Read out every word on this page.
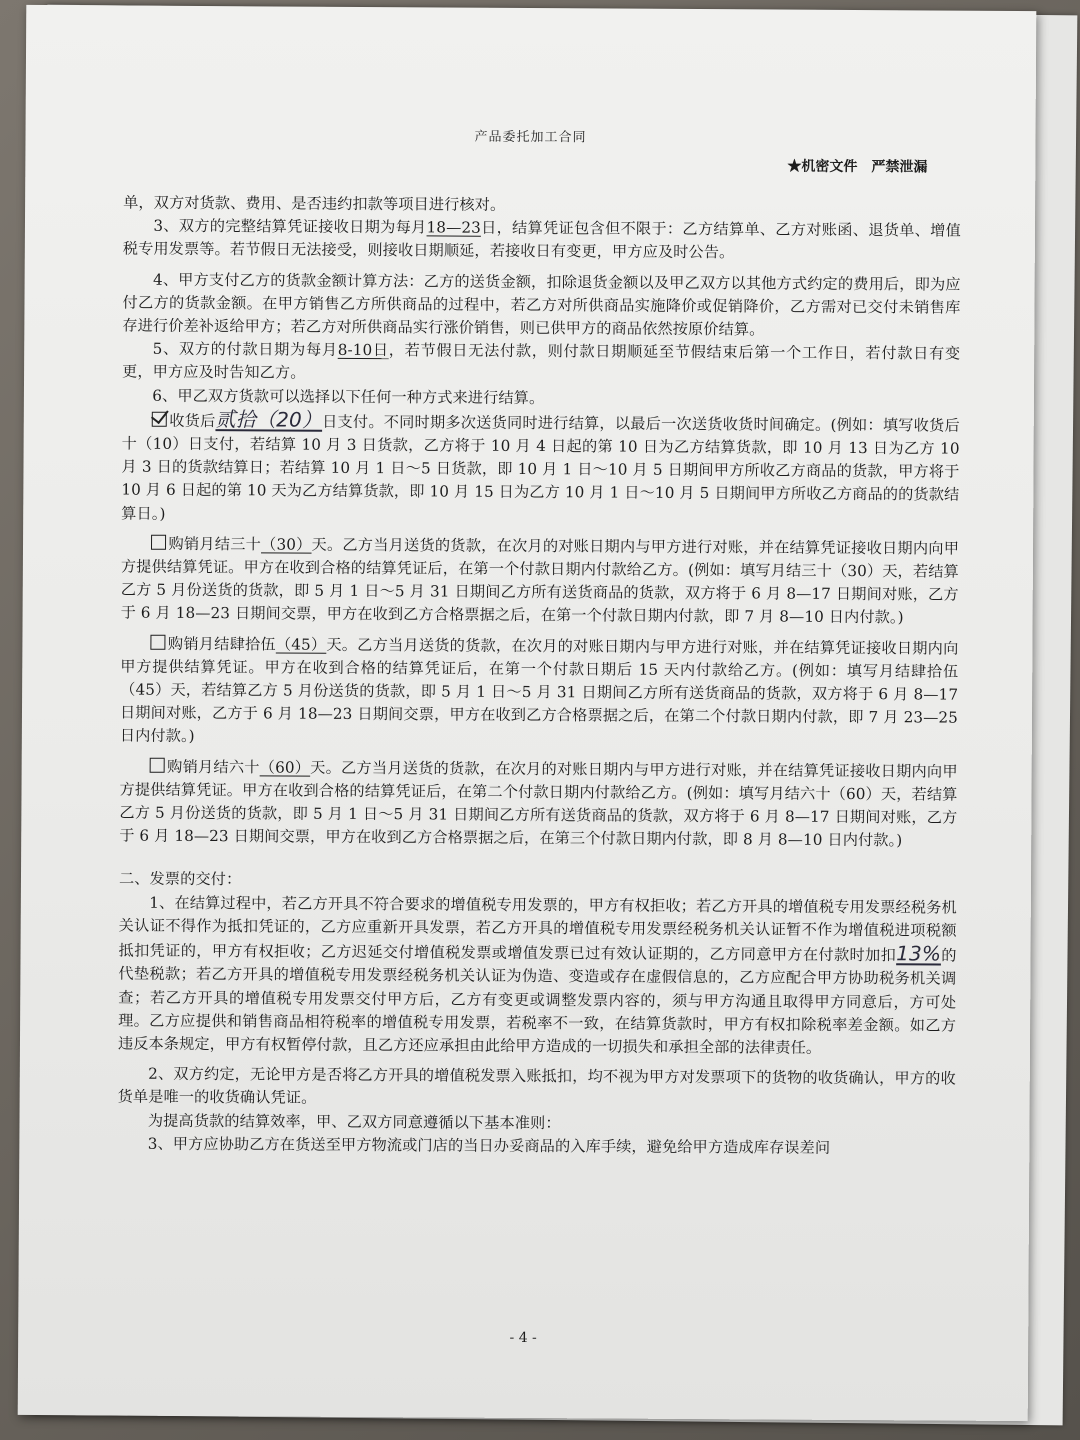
产品委托加工合同
★机密文件　严禁泄漏

单，双方对货款、费用、是否违约扣款等项目进行核对。

3、双方的完整结算凭证接收日期为每月18—23日，结算凭证包含但不限于：乙方结算单、乙方对账函、退货单、增值税专用发票等。若节假日无法接受，则接收日期顺延，若接收日有变更，甲方应及时公告。

4、甲方支付乙方的货款金额计算方法：乙方的送货金额，扣除退货金额以及甲乙双方以其他方式约定的费用后，即为应付乙方的货款金额。在甲方销售乙方所供商品的过程中，若乙方对所供商品实施降价或促销降价，乙方需对已交付未销售库存进行价差补返给甲方；若乙方对所供商品实行涨价销售，则已供甲方的商品依然按原价结算。

5、双方的付款日期为每月8-10日，若节假日无法付款，则付款日期顺延至节假结束后第一个工作日，若付款日有变更，甲方应及时告知乙方。

6、甲乙双方货款可以选择以下任何一种方式来进行结算。

收货后贰拾（20）日支付。不同时期多次送货同时进行结算，以最后一次送货收货时间确定。(例如：填写收货后十（10）日支付，若结算 10 月 3 日货款，乙方将于 10 月 4 日起的第 10 日为乙方结算货款，即 10 月 13 日为乙方 10 月 3 日的货款结算日；若结算 10 月 1 日～5 日货款，即 10 月 1 日～10 月 5 日期间甲方所收乙方商品的货款，甲方将于 10 月 6 日起的第 10 天为乙方结算货款，即 10 月 15 日为乙方 10 月 1 日～10 月 5 日期间甲方所收乙方商品的的货款结算日。)

购销月结三十（30）天。乙方当月送货的货款，在次月的对账日期内与甲方进行对账，并在结算凭证接收日期内向甲方提供结算凭证。甲方在收到合格的结算凭证后，在第一个付款日期内付款给乙方。(例如：填写月结三十（30）天，若结算乙方 5 月份送货的货款，即 5 月 1 日～5 月 31 日期间乙方所有送货商品的货款，双方将于 6 月 8—17 日期间对账，乙方于 6 月 18—23 日期间交票，甲方在收到乙方合格票据之后，在第一个付款日期内付款，即 7 月 8—10 日内付款。)

购销月结肆拾伍（45）天。乙方当月送货的货款，在次月的对账日期内与甲方进行对账，并在结算凭证接收日期内向甲方提供结算凭证。甲方在收到合格的结算凭证后，在第一个付款日期后 15 天内付款给乙方。(例如：填写月结肆拾伍（45）天，若结算乙方 5 月份送货的货款，即 5 月 1 日～5 月 31 日期间乙方所有送货商品的货款，双方将于 6 月 8—17 日期间对账，乙方于 6 月 18—23 日期间交票，甲方在收到乙方合格票据之后，在第二个付款日期内付款，即 7 月 23—25 日内付款。)

购销月结六十（60）天。乙方当月送货的货款，在次月的对账日期内与甲方进行对账，并在结算凭证接收日期内向甲方提供结算凭证。甲方在收到合格的结算凭证后，在第二个付款日期内付款给乙方。(例如：填写月结六十（60）天，若结算乙方 5 月份送货的货款，即 5 月 1 日～5 月 31 日期间乙方所有送货商品的货款，双方将于 6 月 8—17 日期间对账，乙方于 6 月 18—23 日期间交票，甲方在收到乙方合格票据之后，在第三个付款日期内付款，即 8 月 8—10 日内付款。)

二、发票的交付：

1、在结算过程中，若乙方开具不符合要求的增值税专用发票的，甲方有权拒收；若乙方开具的增值税专用发票经税务机关认证不得作为抵扣凭证的，乙方应重新开具发票，若乙方开具的增值税专用发票经税务机关认证暂不作为增值税进项税额抵扣凭证的，甲方有权拒收；乙方迟延交付增值税发票或增值发票已过有效认证期的，乙方同意甲方在付款时加扣13%的代垫税款；若乙方开具的增值税专用发票经税务机关认证为伪造、变造或存在虚假信息的，乙方应配合甲方协助税务机关调查；若乙方开具的增值税专用发票交付甲方后，乙方有变更或调整发票内容的，须与甲方沟通且取得甲方同意后，方可处理。乙方应提供和销售商品相符税率的增值税专用发票，若税率不一致，在结算货款时，甲方有权扣除税率差金额。如乙方违反本条规定，甲方有权暂停付款，且乙方还应承担由此给甲方造成的一切损失和承担全部的法律责任。

2、双方约定，无论甲方是否将乙方开具的增值税发票入账抵扣，均不视为甲方对发票项下的货物的收货确认，甲方的收货单是唯一的收货确认凭证。

为提高货款的结算效率，甲、乙双方同意遵循以下基本准则：

3、甲方应协助乙方在货送至甲方物流或门店的当日办妥商品的入库手续，避免给甲方造成库存误差问

- 4 -
